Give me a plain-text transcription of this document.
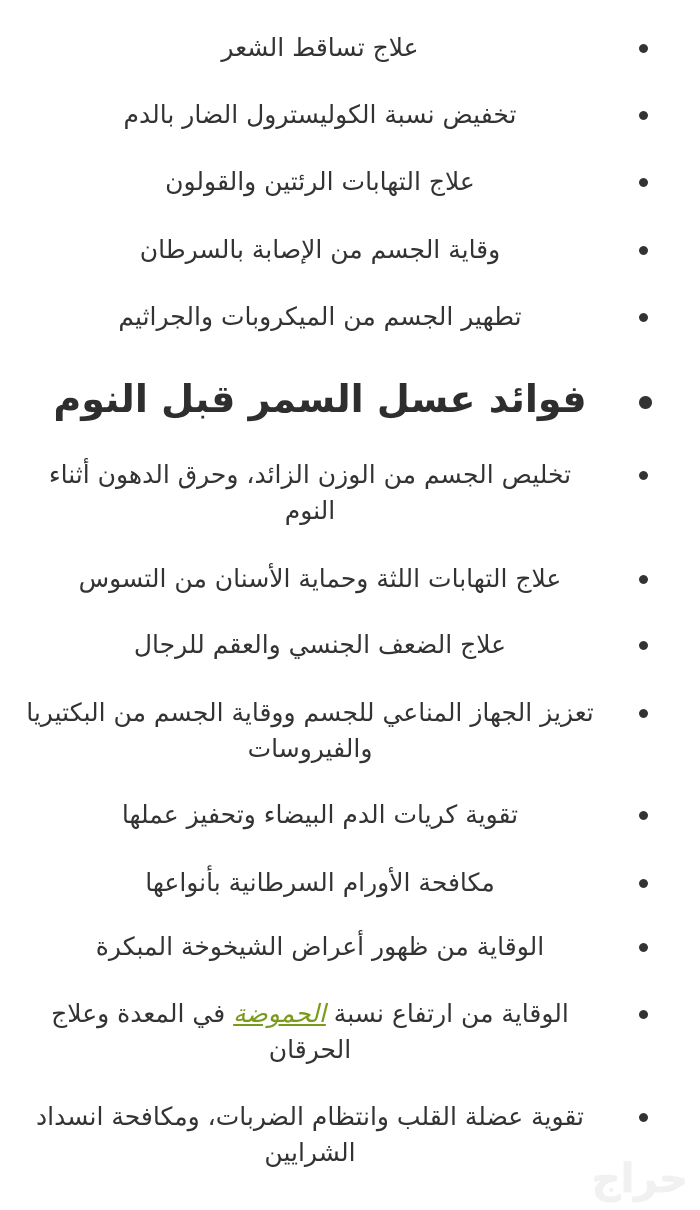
علاج تساقط الشعر
تخفيض نسبة الكوليسترول الضار بالدم
علاج التهابات الرئتين والقولون
وقاية الجسم من الإصابة بالسرطان
تطهير الجسم من الميكروبات والجراثيم
فوائد عسل السمر قبل النوم
تخليص الجسم من الوزن الزائد، وحرق الدهون أثناء النوم
علاج التهابات اللثة وحماية الأسنان من التسوس
علاج الضعف الجنسي والعقم للرجال
تعزيز الجهاز المناعي للجسم ووقاية الجسم من البكتيريا والفيروسات
تقوية كريات الدم البيضاء وتحفيز عملها
مكافحة الأورام السرطانية بأنواعها
الوقاية من ظهور أعراض الشيخوخة المبكرة
الوقاية من ارتفاع نسبة الحموضة في المعدة وعلاج الحرقان
تقوية عضلة القلب وانتظام الضربات، ومكافحة انسداد الشرايين
حراج
